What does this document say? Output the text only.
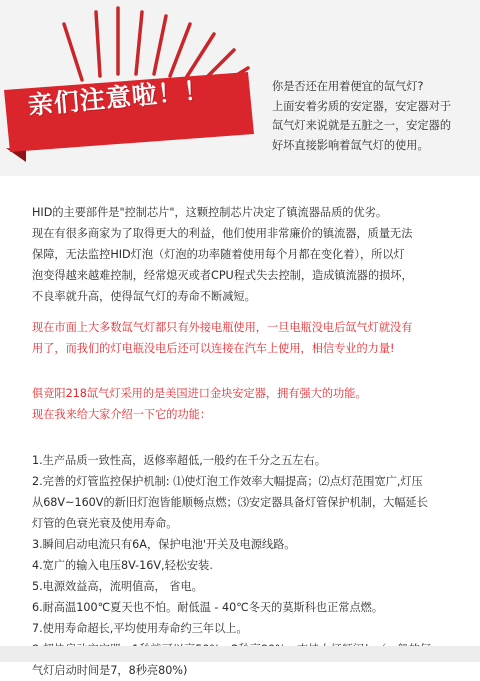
亲们注意啦！！	你是否还在用着便宜的氙气灯?
上面安着劣质的安定器，安定器对于
氙气灯来说就是五脏之一，安定器的
好坏直接影响着氙气灯的使用。
HID的主要部件是"控制芯片"，这颗控制芯片决定了镇流器品质的优劣。
现在有很多商家为了取得更大的利益，他们使用非常廉价的镇流器，质量无法
保障，无法监控HID灯泡（灯泡的功率随着使用每个月都在变化着），所以灯
泡变得越来越难控制，经常熄灭或者CPU程式失去控制，造成镇流器的损坏，
不良率就升高，使得氙气灯的寿命不断减短。
现在市面上大多数氙气灯都只有外接电瓶使用，一旦电瓶没电后氙气灯就没有
用了，而我们的灯电瓶没电后还可以连接在汽车上使用，相信专业的力量!
俱竞阳218氙气灯采用的是美国进口金块安定器，拥有强大的功能。
现在我来给大家介绍一下它的功能：
1.生产品质一致性高，返修率超低,一般约在千分之五左右。
2.完善的灯管监控保护机制: ⑴使灯泡工作效率大幅提高；⑵点灯范围宽广,灯压
从68V~160V的新旧灯泡皆能顺畅点燃；⑶安定器具备灯管保护机制，大幅延长
灯管的色衰光衰及使用寿命。
3.瞬间启动电流只有6A，保护电池'开关及电源线路。
4.宽广的输入电压8V-16V,轻松安装.
5.电源效益高，流明值高， 省电。
6.耐高温100℃夏天也不怕。耐低温 - 40℃冬天的莫斯科也正常点燃。
7.使用寿命超长,平均使用寿命约三年以上。
气灯启动时间是7，8秒亮80%)
